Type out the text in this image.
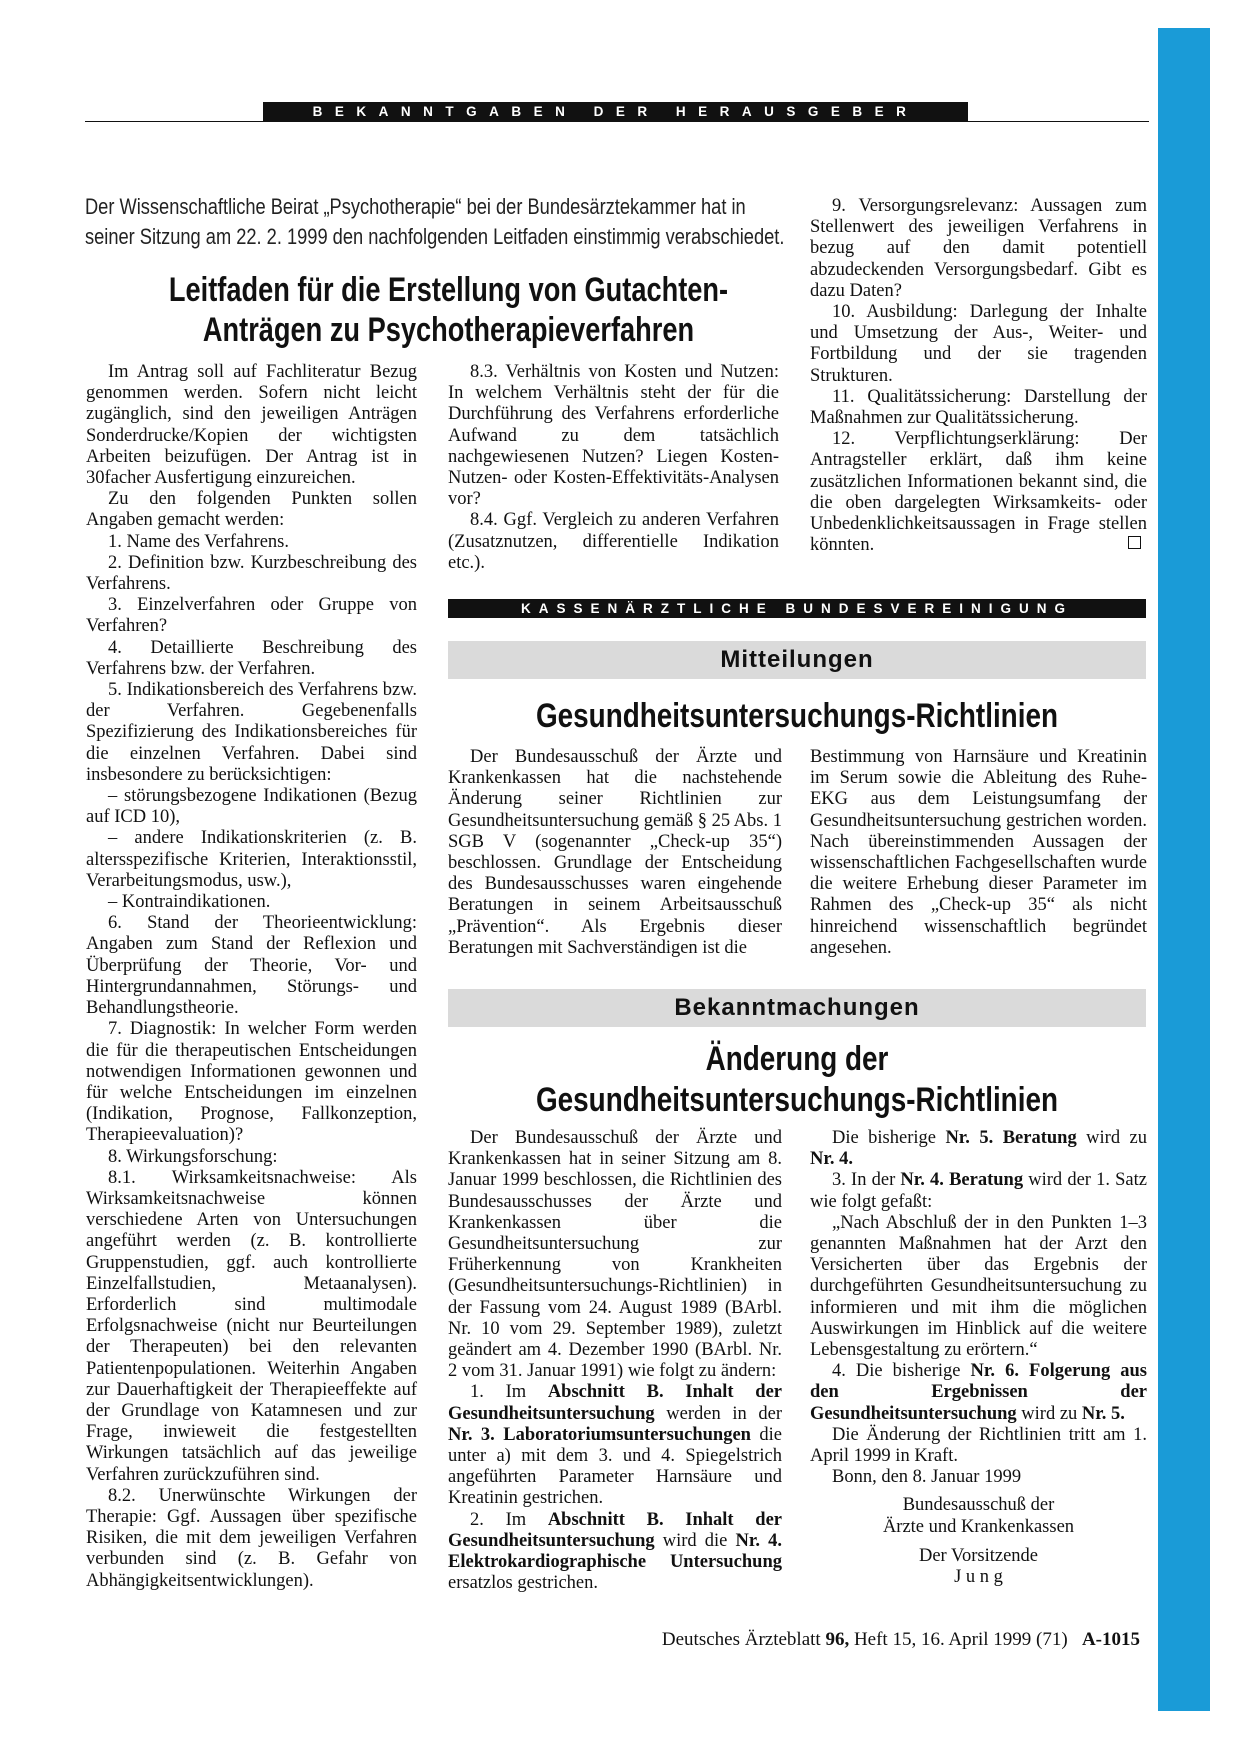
BEKANNTGABEN DER HERAUSGEBER
Der Wissenschaftliche Beirat „Psychotherapie“ bei der Bundesärztekammer hat in seiner Sitzung am 22. 2. 1999 den nachfolgenden Leitfaden einstimmig verabschiedet.
Leitfaden für die Erstellung von Gutachten-
Anträgen zu Psychotherapieverfahren

Im Antrag soll auf Fachliteratur Bezug genommen werden. Sofern nicht leicht zugänglich, sind den jeweiligen Anträgen Sonderdrucke/Kopien der wichtigsten Arbeiten beizufügen. Der Antrag ist in 30facher Ausfertigung einzureichen.

Zu den folgenden Punkten sollen Angaben gemacht werden:

1. Name des Verfahrens.

2. Definition bzw. Kurzbeschreibung des Verfahrens.

3. Einzelverfahren oder Gruppe von Verfahren?

4. Detaillierte Beschreibung des Verfahrens bzw. der Verfahren.

5. Indikationsbereich des Verfahrens bzw. der Verfahren. Gegebenenfalls Spezifizierung des Indikationsbereiches für die einzelnen Verfahren. Dabei sind insbesondere zu berücksichtigen:

– störungsbezogene Indikationen (Bezug auf ICD 10),

– andere Indikationskriterien (z. B. altersspezifische Kriterien, Interaktionsstil, Verarbeitungsmodus, usw.),

– Kontraindikationen.

6. Stand der Theorieentwicklung: Angaben zum Stand der Reflexion und Überprüfung der Theorie, Vor- und Hintergrundannahmen, Störungs- und Behandlungstheorie.

7. Diagnostik: In welcher Form werden die für die therapeutischen Entscheidungen notwendigen Informationen gewonnen und für welche Entscheidungen im einzelnen (Indikation, Prognose, Fallkonzeption, Therapieevaluation)?

8. Wirkungsforschung:

8.1. Wirksamkeitsnachweise: Als Wirksamkeitsnachweise können verschiedene Arten von Untersuchungen angeführt werden (z. B. kontrollierte Gruppenstudien, ggf. auch kontrollierte Einzelfallstudien, Metaanalysen). Erforderlich sind multimodale Erfolgsnachweise (nicht nur Beurteilungen der Therapeuten) bei den relevanten Patientenpopulationen. Weiterhin Angaben zur Dauerhaftigkeit der Therapieeffekte auf der Grundlage von Katamnesen und zur Frage, inwieweit die festgestellten Wirkungen tatsächlich auf das jeweilige Verfahren zurückzuführen sind.

8.2. Unerwünschte Wirkungen der Therapie: Ggf. Aussagen über spezifische Risiken, die mit dem jeweiligen Verfahren verbunden sind (z. B. Gefahr von Abhängigkeitsentwicklungen).

8.3. Verhältnis von Kosten und Nutzen: In welchem Verhältnis steht der für die Durchführung des Verfahrens erforderliche Aufwand zu dem tatsächlich nachgewiesenen Nutzen? Liegen Kosten-Nutzen- oder Kosten-Effektivitäts-Analysen vor?

8.4. Ggf. Vergleich zu anderen Verfahren (Zusatznutzen, differentielle Indikation etc.).

9. Versorgungsrelevanz: Aussagen zum Stellenwert des jeweiligen Verfahrens in bezug auf den damit potentiell abzudeckenden Versorgungsbedarf. Gibt es dazu Daten?

10. Ausbildung: Darlegung der Inhalte und Umsetzung der Aus-, Weiter- und Fortbildung und der sie tragenden Strukturen.

11. Qualitätssicherung: Darstellung der Maßnahmen zur Qualitätssicherung.

12. Verpflichtungserklärung: Der Antragsteller erklärt, daß ihm keine zusätzlichen Informationen bekannt sind, die die oben dargelegten Wirksamkeits- oder Unbedenklichkeitsaussagen in Frage stellen könnten.

KASSENÄRZTLICHE BUNDESVEREINIGUNG
Mitteilungen
Gesundheitsuntersuchungs-Richtlinien

Der Bundesausschuß der Ärzte und Krankenkassen hat die nachstehende Änderung seiner Richtlinien zur Gesundheitsuntersuchung gemäß § 25 Abs. 1 SGB V (sogenannter „Check-up 35“) beschlossen. Grundlage der Entscheidung des Bundesausschusses waren eingehende Beratungen in seinem Arbeitsausschuß „Prävention“. Als Ergebnis dieser Beratungen mit Sachverständigen ist die

Bestimmung von Harnsäure und Kreatinin im Serum sowie die Ableitung des Ruhe-EKG aus dem Leistungsumfang der Gesundheitsuntersuchung gestrichen worden. Nach übereinstimmenden Aussagen der wissenschaftlichen Fachgesellschaften wurde die weitere Erhebung dieser Parameter im Rahmen des „Check-up 35“ als nicht hinreichend wissenschaftlich begründet angesehen.

Bekanntmachungen
Änderung der
Gesundheitsuntersuchungs-Richtlinien

Der Bundesausschuß der Ärzte und Krankenkassen hat in seiner Sitzung am 8. Januar 1999 beschlossen, die Richtlinien des Bundesausschusses der Ärzte und Krankenkassen über die Gesundheitsuntersuchung zur Früherkennung von Krankheiten (Gesundheitsuntersuchungs-Richtlinien) in der Fassung vom 24. August 1989 (BArbl. Nr. 10 vom 29. September 1989), zuletzt geändert am 4. Dezember 1990 (BArbl. Nr. 2 vom 31. Januar 1991) wie folgt zu ändern:

1. Im Abschnitt B. Inhalt der Gesundheitsuntersuchung werden in der Nr. 3. Laboratoriumsuntersuchungen die unter a) mit dem 3. und 4. Spiegelstrich angeführten Parameter Harnsäure und Kreatinin gestrichen.

2. Im Abschnitt B. Inhalt der Gesundheitsuntersuchung wird die Nr. 4. Elektrokardiographische Untersuchung ersatzlos gestrichen.

Die bisherige Nr. 5. Beratung wird zu Nr. 4.

3. In der Nr. 4. Beratung wird der 1. Satz wie folgt gefaßt:

„Nach Abschluß der in den Punkten 1–3 genannten Maßnahmen hat der Arzt den Versicherten über das Ergebnis der durchgeführten Gesundheitsuntersuchung zu informieren und mit ihm die möglichen Auswirkungen im Hinblick auf die weitere Lebensgestaltung zu erörtern.“

4. Die bisherige Nr. 6. Folgerung aus den Ergebnissen der Gesundheitsuntersuchung wird zu Nr. 5.

Die Änderung der Richtlinien tritt am 1. April 1999 in Kraft.

Bonn, den 8. Januar 1999

Bundesausschuß der

Ärzte und Krankenkassen

Der Vorsitzende

J u n g

Deutsches Ärzteblatt 96, Heft 15, 16. April 1999 (71) A-1015
